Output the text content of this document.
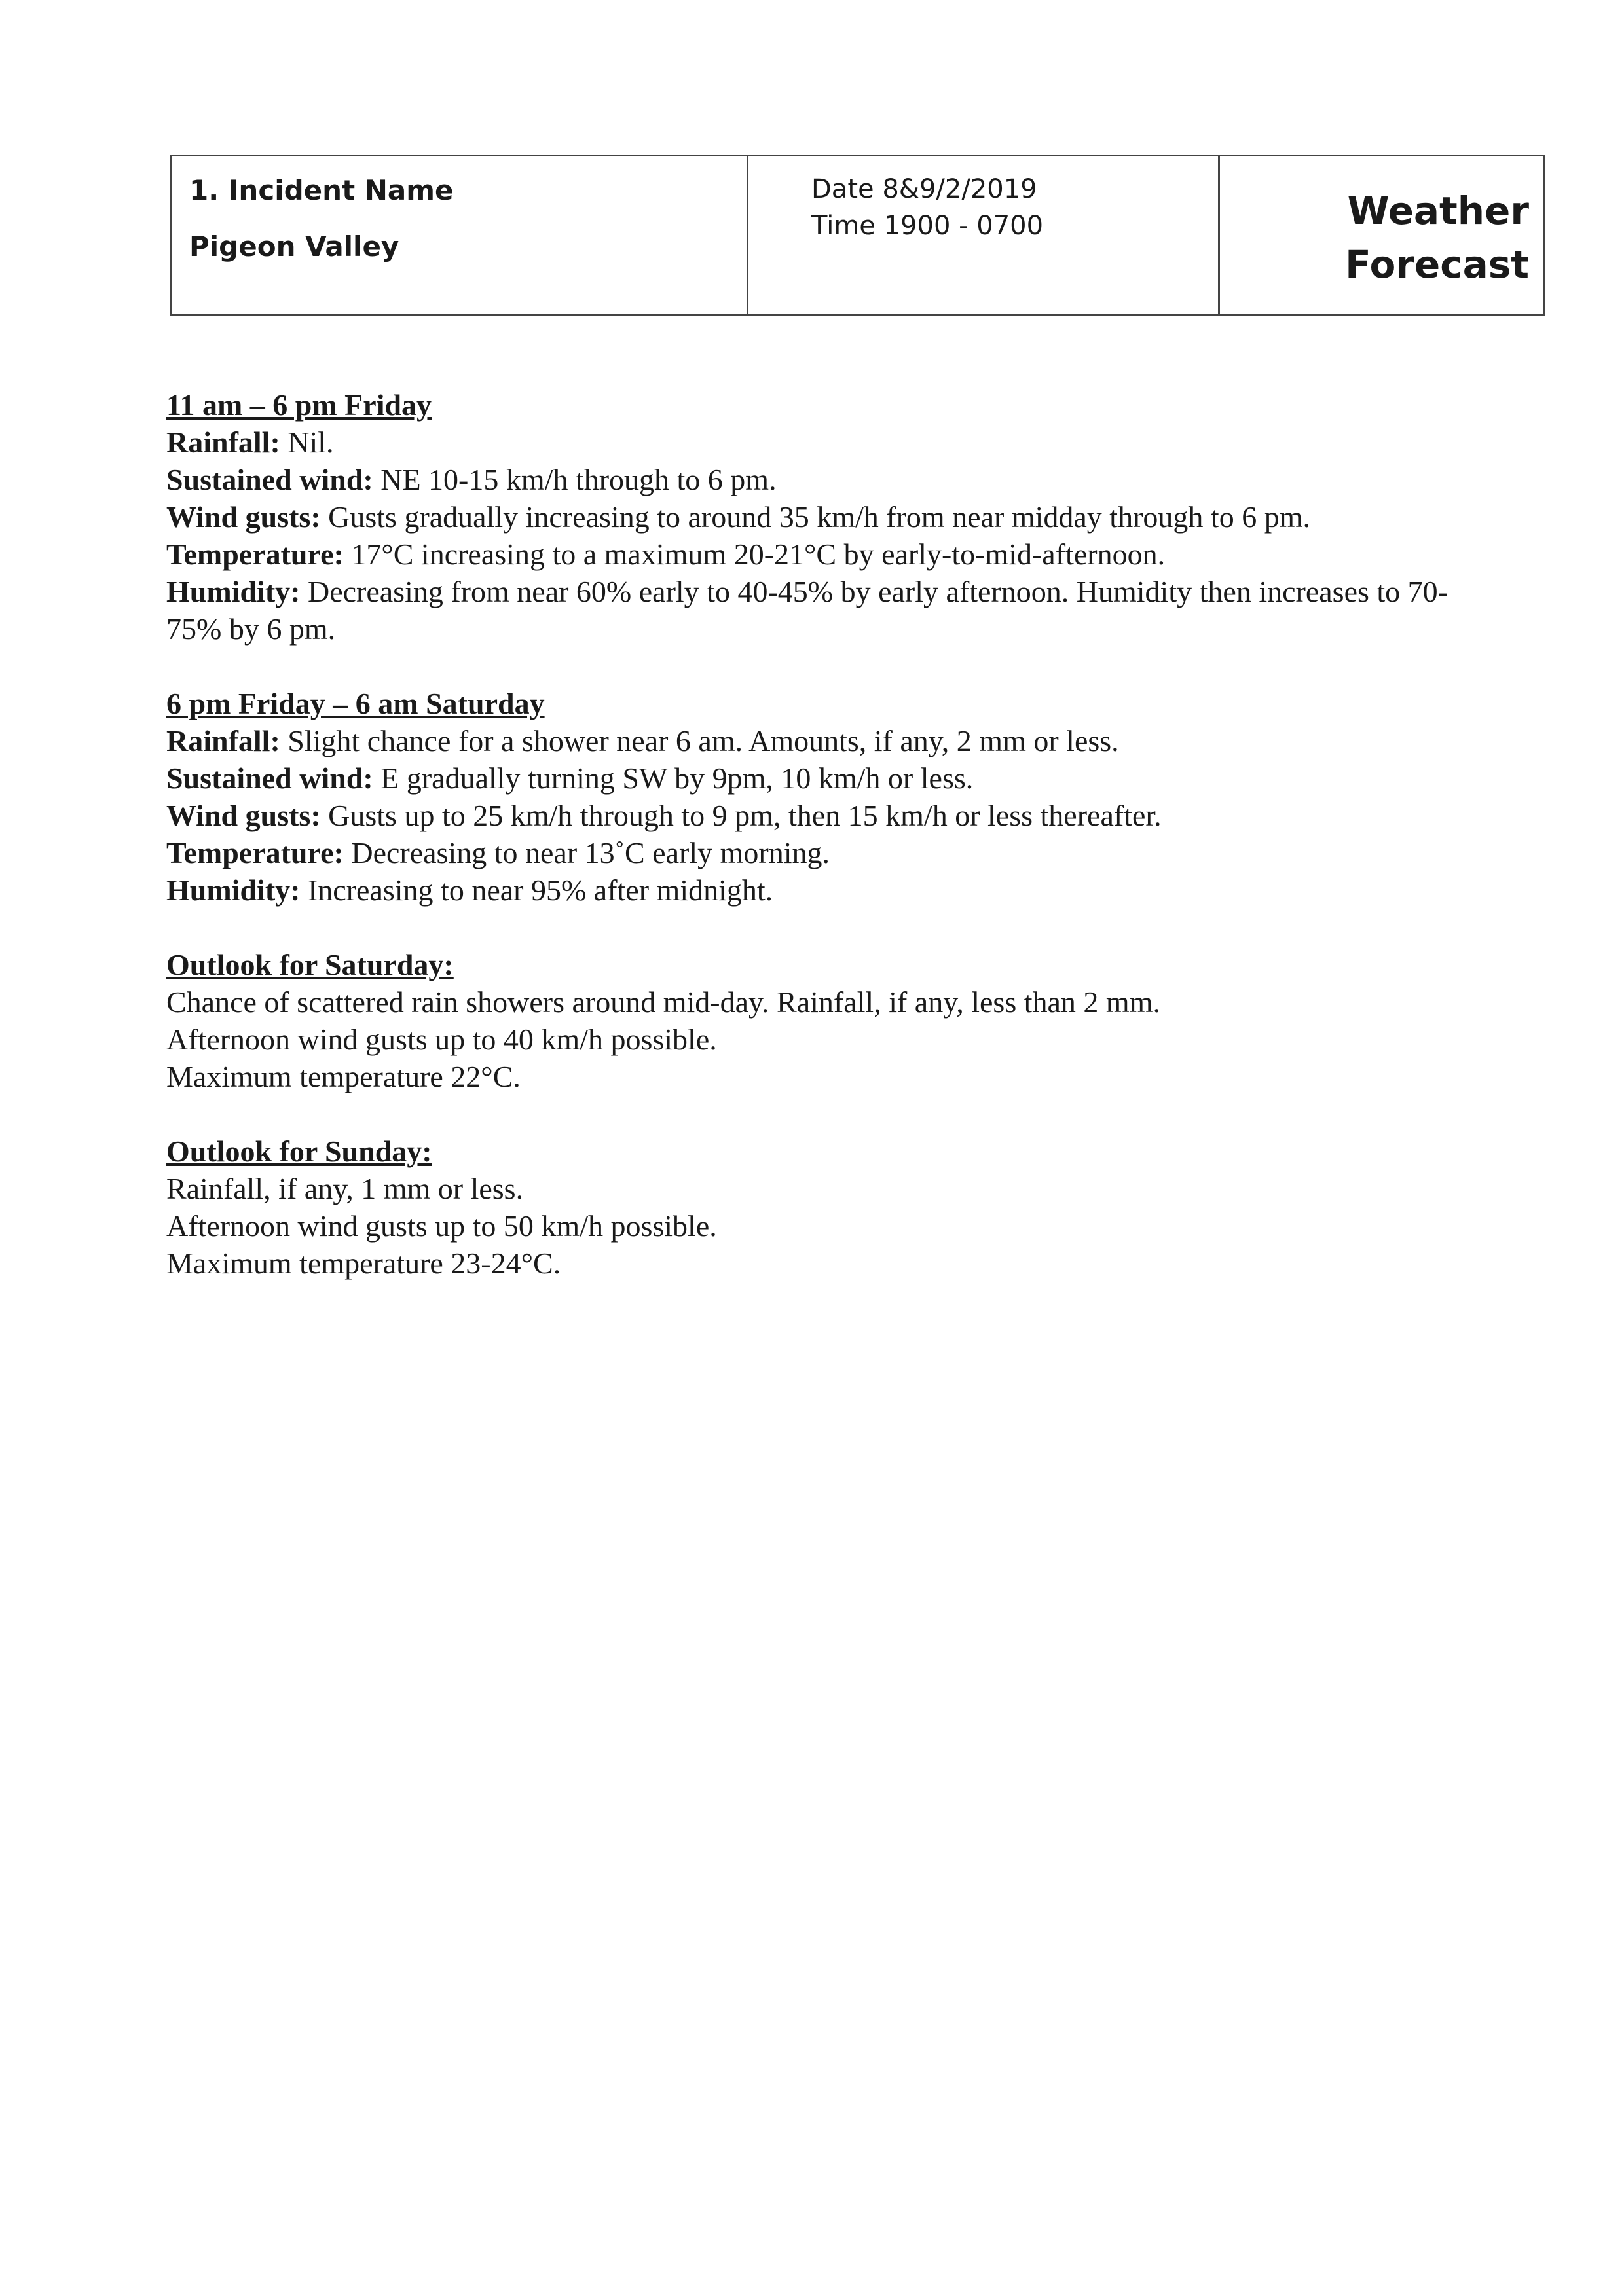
1. Incident Name
Pigeon Valley
Date 8&9/2/2019
Time 1900 - 0700	Weather
Forecast
11 am – 6 pm Friday

Rainfall: Nil.

Sustained wind: NE 10-15 km/h through to 6 pm.

Wind gusts: Gusts gradually increasing to around 35 km/h from near midday through to 6 pm.

Temperature: 17°C increasing to a maximum 20-21°C by early-to-mid-afternoon.

Humidity: Decreasing from near 60% early to 40-45% by early afternoon. Humidity then increases to 70-75% by 6 pm.

6 pm Friday – 6 am Saturday

Rainfall: Slight chance for a shower near 6 am. Amounts, if any, 2 mm or less.

Sustained wind: E gradually turning SW by 9pm, 10 km/h or less.

Wind gusts: Gusts up to 25 km/h through to 9 pm, then 15 km/h or less thereafter.

Temperature: Decreasing to near 13˚C early morning.

Humidity: Increasing to near 95% after midnight.

Outlook for Saturday:

Chance of scattered rain showers around mid-day. Rainfall, if any, less than 2 mm.

Afternoon wind gusts up to 40 km/h possible.

Maximum temperature 22°C.

Outlook for Sunday:

Rainfall, if any, 1 mm or less.

Afternoon wind gusts up to 50 km/h possible.

Maximum temperature 23-24°C.
